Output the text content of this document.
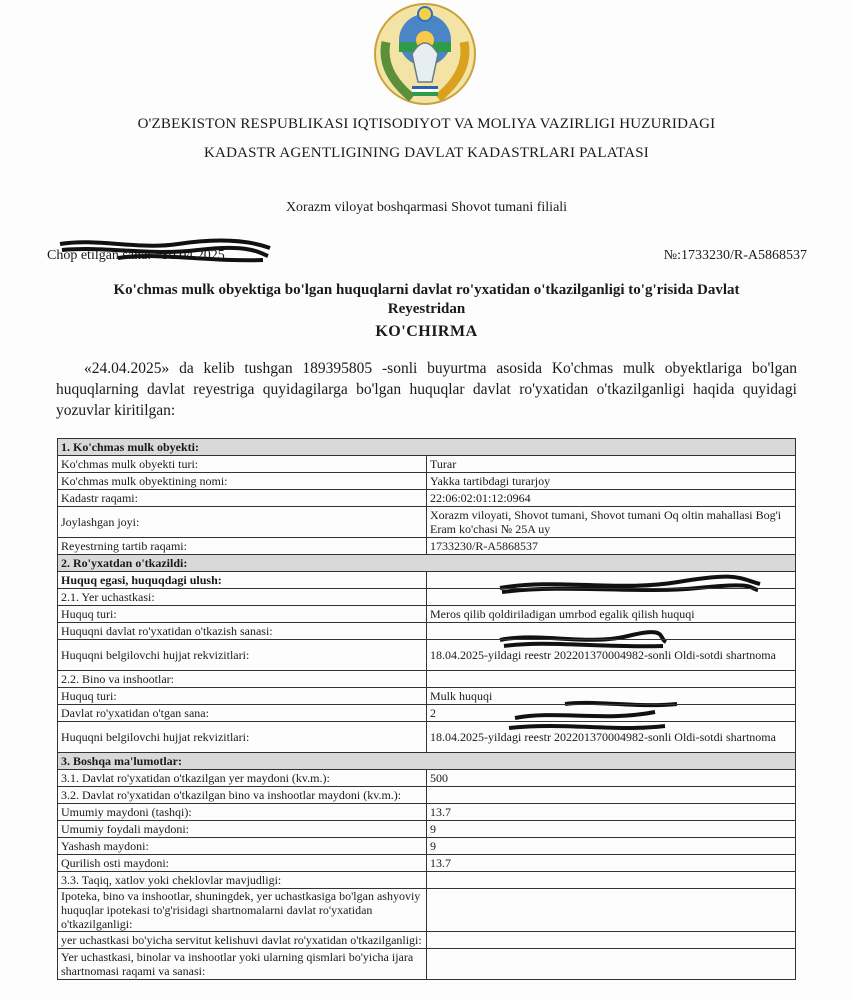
O'ZBEKISTON RESPUBLIKASI IQTISODIYOT VA MOLIYA VAZIRLIGI HUZURIDAGI
KADASTR AGENTLIGINING DAVLAT KADASTRLARI PALATASI
Xorazm viloyat boshqarmasi Shovot tumani filiali
Chop etilgan sana: «30.04.2025	№:1733230/R-A5868537
Ko'chmas mulk obyektiga bo'lgan huquqlarni davlat ro'yxatidan o'tkazilganligi to'g'risida Davlat Reyestridan
KO'CHIRMA
«24.04.2025» da kelib tushgan 189395805 -sonli buyurtma asosida Ko'chmas mulk obyektlariga bo'lgan huquqlarning davlat reyestriga quyidagilarga bo'lgan huquqlar davlat ro'yxatidan o'tkazilganligi haqida quyidagi yozuvlar kiritilgan:
1. Ko'chmas mulk obyekti:	
Ko'chmas mulk obyekti turi:	Turar
Ko'chmas mulk obyektining nomi:	Yakka tartibdagi turarjoy
Kadastr raqami:	22:06:02:01:12:0964
Joylashgan joyi:	Xorazm viloyati, Shovot tumani, Shovot tumani Oq oltin mahallasi Bog'i Eram ko'chasi № 25A uy
Reyestrning tartib raqami:	1733230/R-A5868537
2. Ro'yxatdan o'tkazildi:	
Huquq egasi, huquqdagi ulush:	
2.1. Yer uchastkasi:	
Huquq turi:	Meros qilib qoldiriladigan umrbod egalik qilish huquqi
Huquqni davlat ro'yxatidan o'tkazish sanasi:	
Huquqni belgilovchi hujjat rekvizitlari:	18.04.2025-yildagi reestr 202201370004982-sonli Oldi-sotdi shartnoma
2.2. Bino va inshootlar:	
Huquq turi:	Mulk huquqi
Davlat ro'yxatidan o'tgan sana:	2
Huquqni belgilovchi hujjat rekvizitlari:	18.04.2025-yildagi reestr 202201370004982-sonli Oldi-sotdi shartnoma
3. Boshqa ma'lumotlar:	
3.1. Davlat ro'yxatidan o'tkazilgan yer maydoni (kv.m.):	500
3.2. Davlat ro'yxatidan o'tkazilgan bino va inshootlar maydoni (kv.m.):	
Umumiy maydoni (tashqi):	13.7
Umumiy foydali maydoni:	9
Yashash maydoni:	9
Qurilish osti maydoni:	13.7
3.3. Taqiq, xatlov yoki cheklovlar mavjudligi:	
Ipoteka, bino va inshootlar, shuningdek, yer uchastkasiga bo'lgan ashyoviy huquqlar ipotekasi to'g'risidagi shartnomalarni davlat ro'yxatidan o'tkazilganligi:	
yer uchastkasi bo'yicha servitut kelishuvi davlat ro'yxatidan o'tkazilganligi:	
Yer uchastkasi, binolar va inshootlar yoki ularning qismlari bo'yicha ijara shartnomasi raqami va sanasi:	
